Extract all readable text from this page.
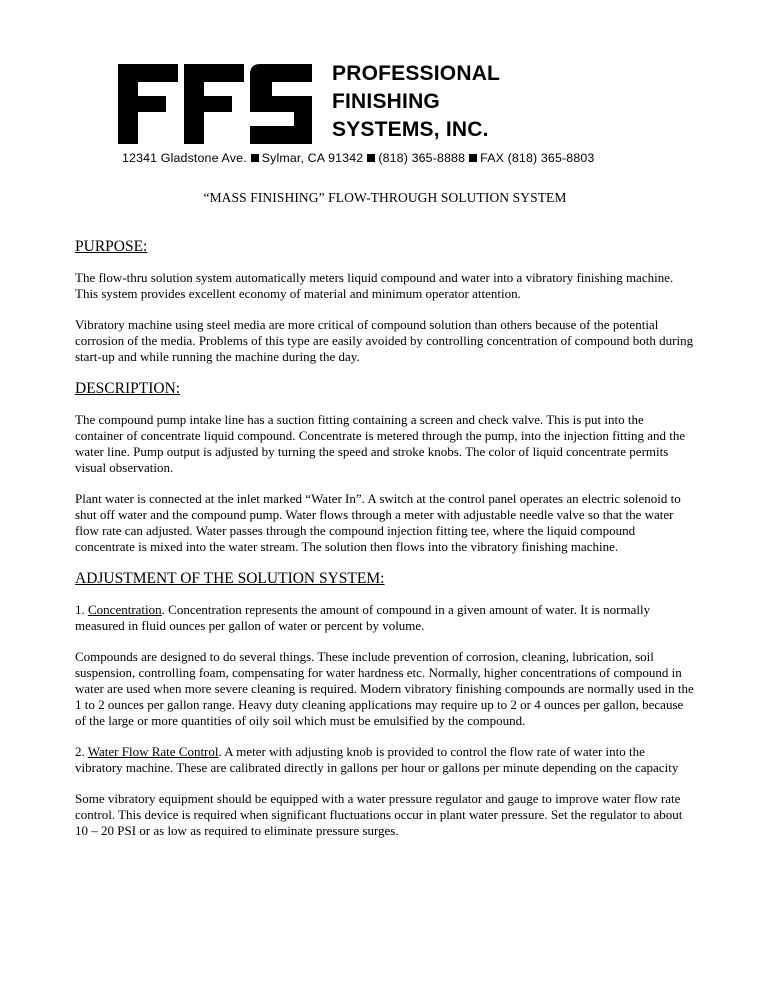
PROFESSIONAL
FINISHING
SYSTEMS, INC.
12341 Gladstone Ave. Sylmar, CA 91342 (818) 365-8888 FAX (818) 365-8803
“MASS FINISHING” FLOW-THROUGH SOLUTION SYSTEM
PURPOSE:

The flow-thru solution system automatically meters liquid compound and water into a vibratory finishing machine. This system provides excellent economy of material and minimum operator attention.

Vibratory machine using steel media are more critical of compound solution than others because of the potential corrosion of the media. Problems of this type are easily avoided by controlling concentration of compound both during start-up and while running the machine during the day.

DESCRIPTION:

The compound pump intake line has a suction fitting containing a screen and check valve. This is put into the container of concentrate liquid compound. Concentrate is metered through the pump, into the injection fitting and the water line. Pump output is adjusted by turning the speed and stroke knobs. The color of liquid concentrate permits visual observation.

Plant water is connected at the inlet marked “Water In”. A switch at the control panel operates an electric solenoid to shut off water and the compound pump. Water flows through a meter with adjustable needle valve so that the water flow rate can adjusted. Water passes through the compound injection fitting tee, where the liquid compound concentrate is mixed into the water stream. The solution then flows into the vibratory finishing machine.

ADJUSTMENT OF THE SOLUTION SYSTEM:

1. Concentration. Concentration represents the amount of compound in a given amount of water. It is normally measured in fluid ounces per gallon of water or percent by volume.

Compounds are designed to do several things. These include prevention of corrosion, cleaning, lubrication, soil suspension, controlling foam, compensating for water hardness etc. Normally, higher concentrations of compound in water are used when more severe cleaning is required. Modern vibratory finishing compounds are normally used in the 1 to 2 ounces per gallon range. Heavy duty cleaning applications may require up to 2 or 4 ounces per gallon, because of the large or more quantities of oily soil which must be emulsified by the compound.

2. Water Flow Rate Control. A meter with adjusting knob is provided to control the flow rate of water into the vibratory machine. These are calibrated directly in gallons per hour or gallons per minute depending on the capacity

Some vibratory equipment should be equipped with a water pressure regulator and gauge to improve water flow rate control. This device is required when significant fluctuations occur in plant water pressure. Set the regulator to about 10 – 20 PSI or as low as required to eliminate pressure surges.
